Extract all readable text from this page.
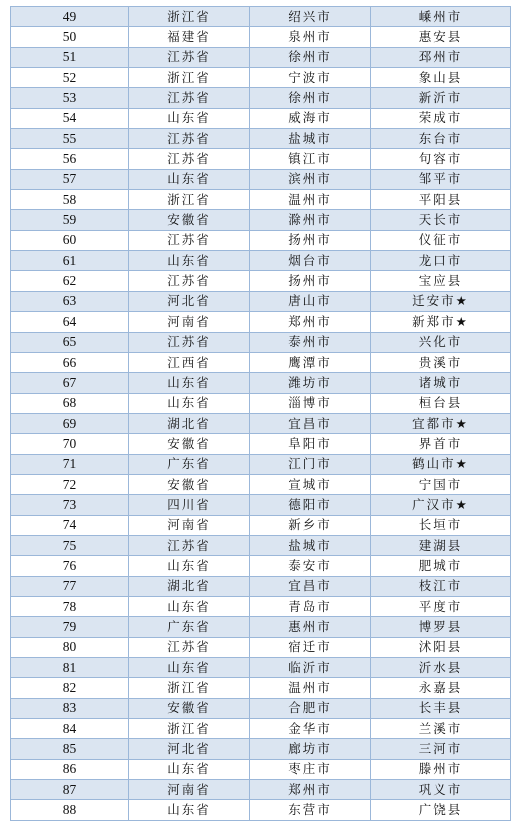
49	浙江省	绍兴市	嵊州市
50	福建省	泉州市	惠安县
51	江苏省	徐州市	邳州市
52	浙江省	宁波市	象山县
53	江苏省	徐州市	新沂市
54	山东省	威海市	荣成市
55	江苏省	盐城市	东台市
56	江苏省	镇江市	句容市
57	山东省	滨州市	邹平市
58	浙江省	温州市	平阳县
59	安徽省	滁州市	天长市
60	江苏省	扬州市	仪征市
61	山东省	烟台市	龙口市
62	江苏省	扬州市	宝应县
63	河北省	唐山市	迁安市★
64	河南省	郑州市	新郑市★
65	江苏省	泰州市	兴化市
66	江西省	鹰潭市	贵溪市
67	山东省	潍坊市	诸城市
68	山东省	淄博市	桓台县
69	湖北省	宜昌市	宜都市★
70	安徽省	阜阳市	界首市
71	广东省	江门市	鹤山市★
72	安徽省	宣城市	宁国市
73	四川省	德阳市	广汉市★
74	河南省	新乡市	长垣市
75	江苏省	盐城市	建湖县
76	山东省	泰安市	肥城市
77	湖北省	宜昌市	枝江市
78	山东省	青岛市	平度市
79	广东省	惠州市	博罗县
80	江苏省	宿迁市	沭阳县
81	山东省	临沂市	沂水县
82	浙江省	温州市	永嘉县
83	安徽省	合肥市	长丰县
84	浙江省	金华市	兰溪市
85	河北省	廊坊市	三河市
86	山东省	枣庄市	滕州市
87	河南省	郑州市	巩义市
88	山东省	东营市	广饶县
